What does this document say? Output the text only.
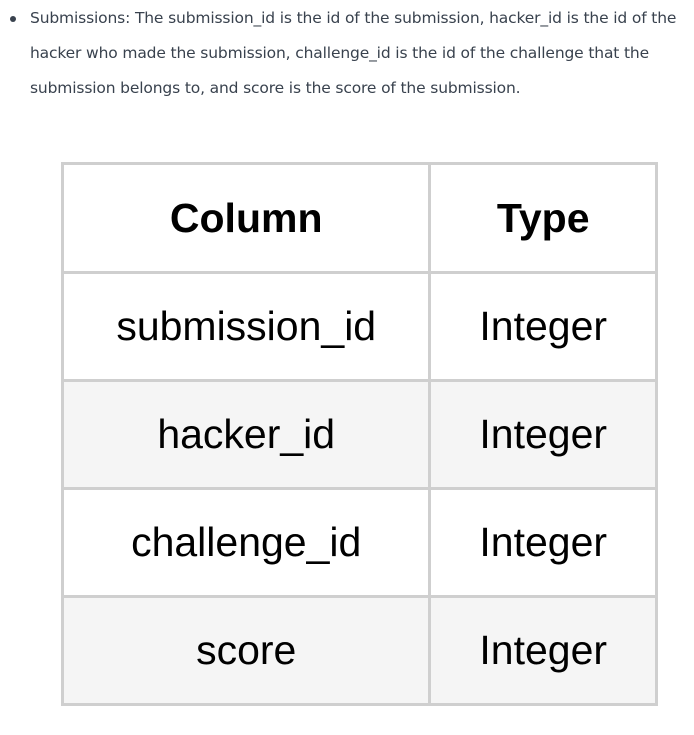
Submissions: The submission_id is the id of the submission, hacker_id is the id of the hacker who made the submission, challenge_id is the id of the challenge that the submission belongs to, and score is the score of the submission.
Column	Type
submission_id	Integer
hacker_id	Integer
challenge_id	Integer
score	Integer
